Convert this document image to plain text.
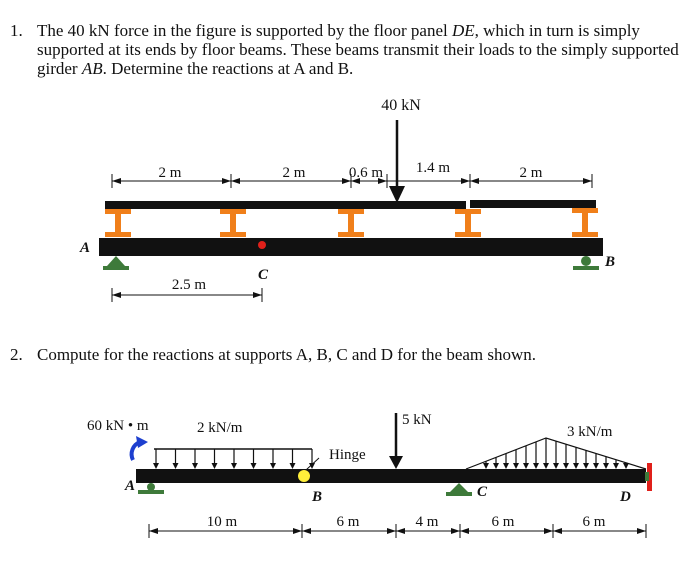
1. The 40 kN force in the figure is supported by the floor panel DE, which in turn is simply supported at its ends by floor beams. These beams transmit their loads to the simply supported girder AB. Determine the reactions at A and B.
40 kN
2 m	2 m	0.6 m 1.4 m	2 m
A
B
C
2.5 m
60 kN • m	2 kN/m	5 kN
3 kN/m
Hinge
A
B	C	D
10 m	6 m	4 m	6 m	6 m
2. Compute for the reactions at supports A, B, C and D for the beam shown.
